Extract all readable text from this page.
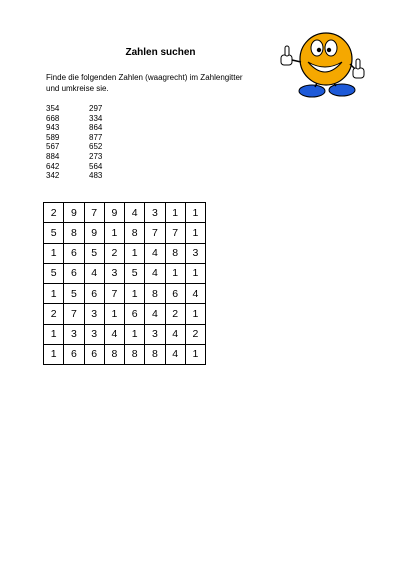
Zahlen suchen
Finde die folgenden Zahlen (waagrecht) im Zahlengitter und umkreise sie.
354	297
668	334
943	864
589	877
567	652
884	273
642	564
342	483
2	9	7	9	4	3	1	1
5	8	9	1	8	7	7	1
1	6	5	2	1	4	8	3
5	6	4	3	5	4	1	1
1	5	6	7	1	8	6	4
2	7	3	1	6	4	2	1
1	3	3	4	1	3	4	2
1	6	6	8	8	8	4	1
